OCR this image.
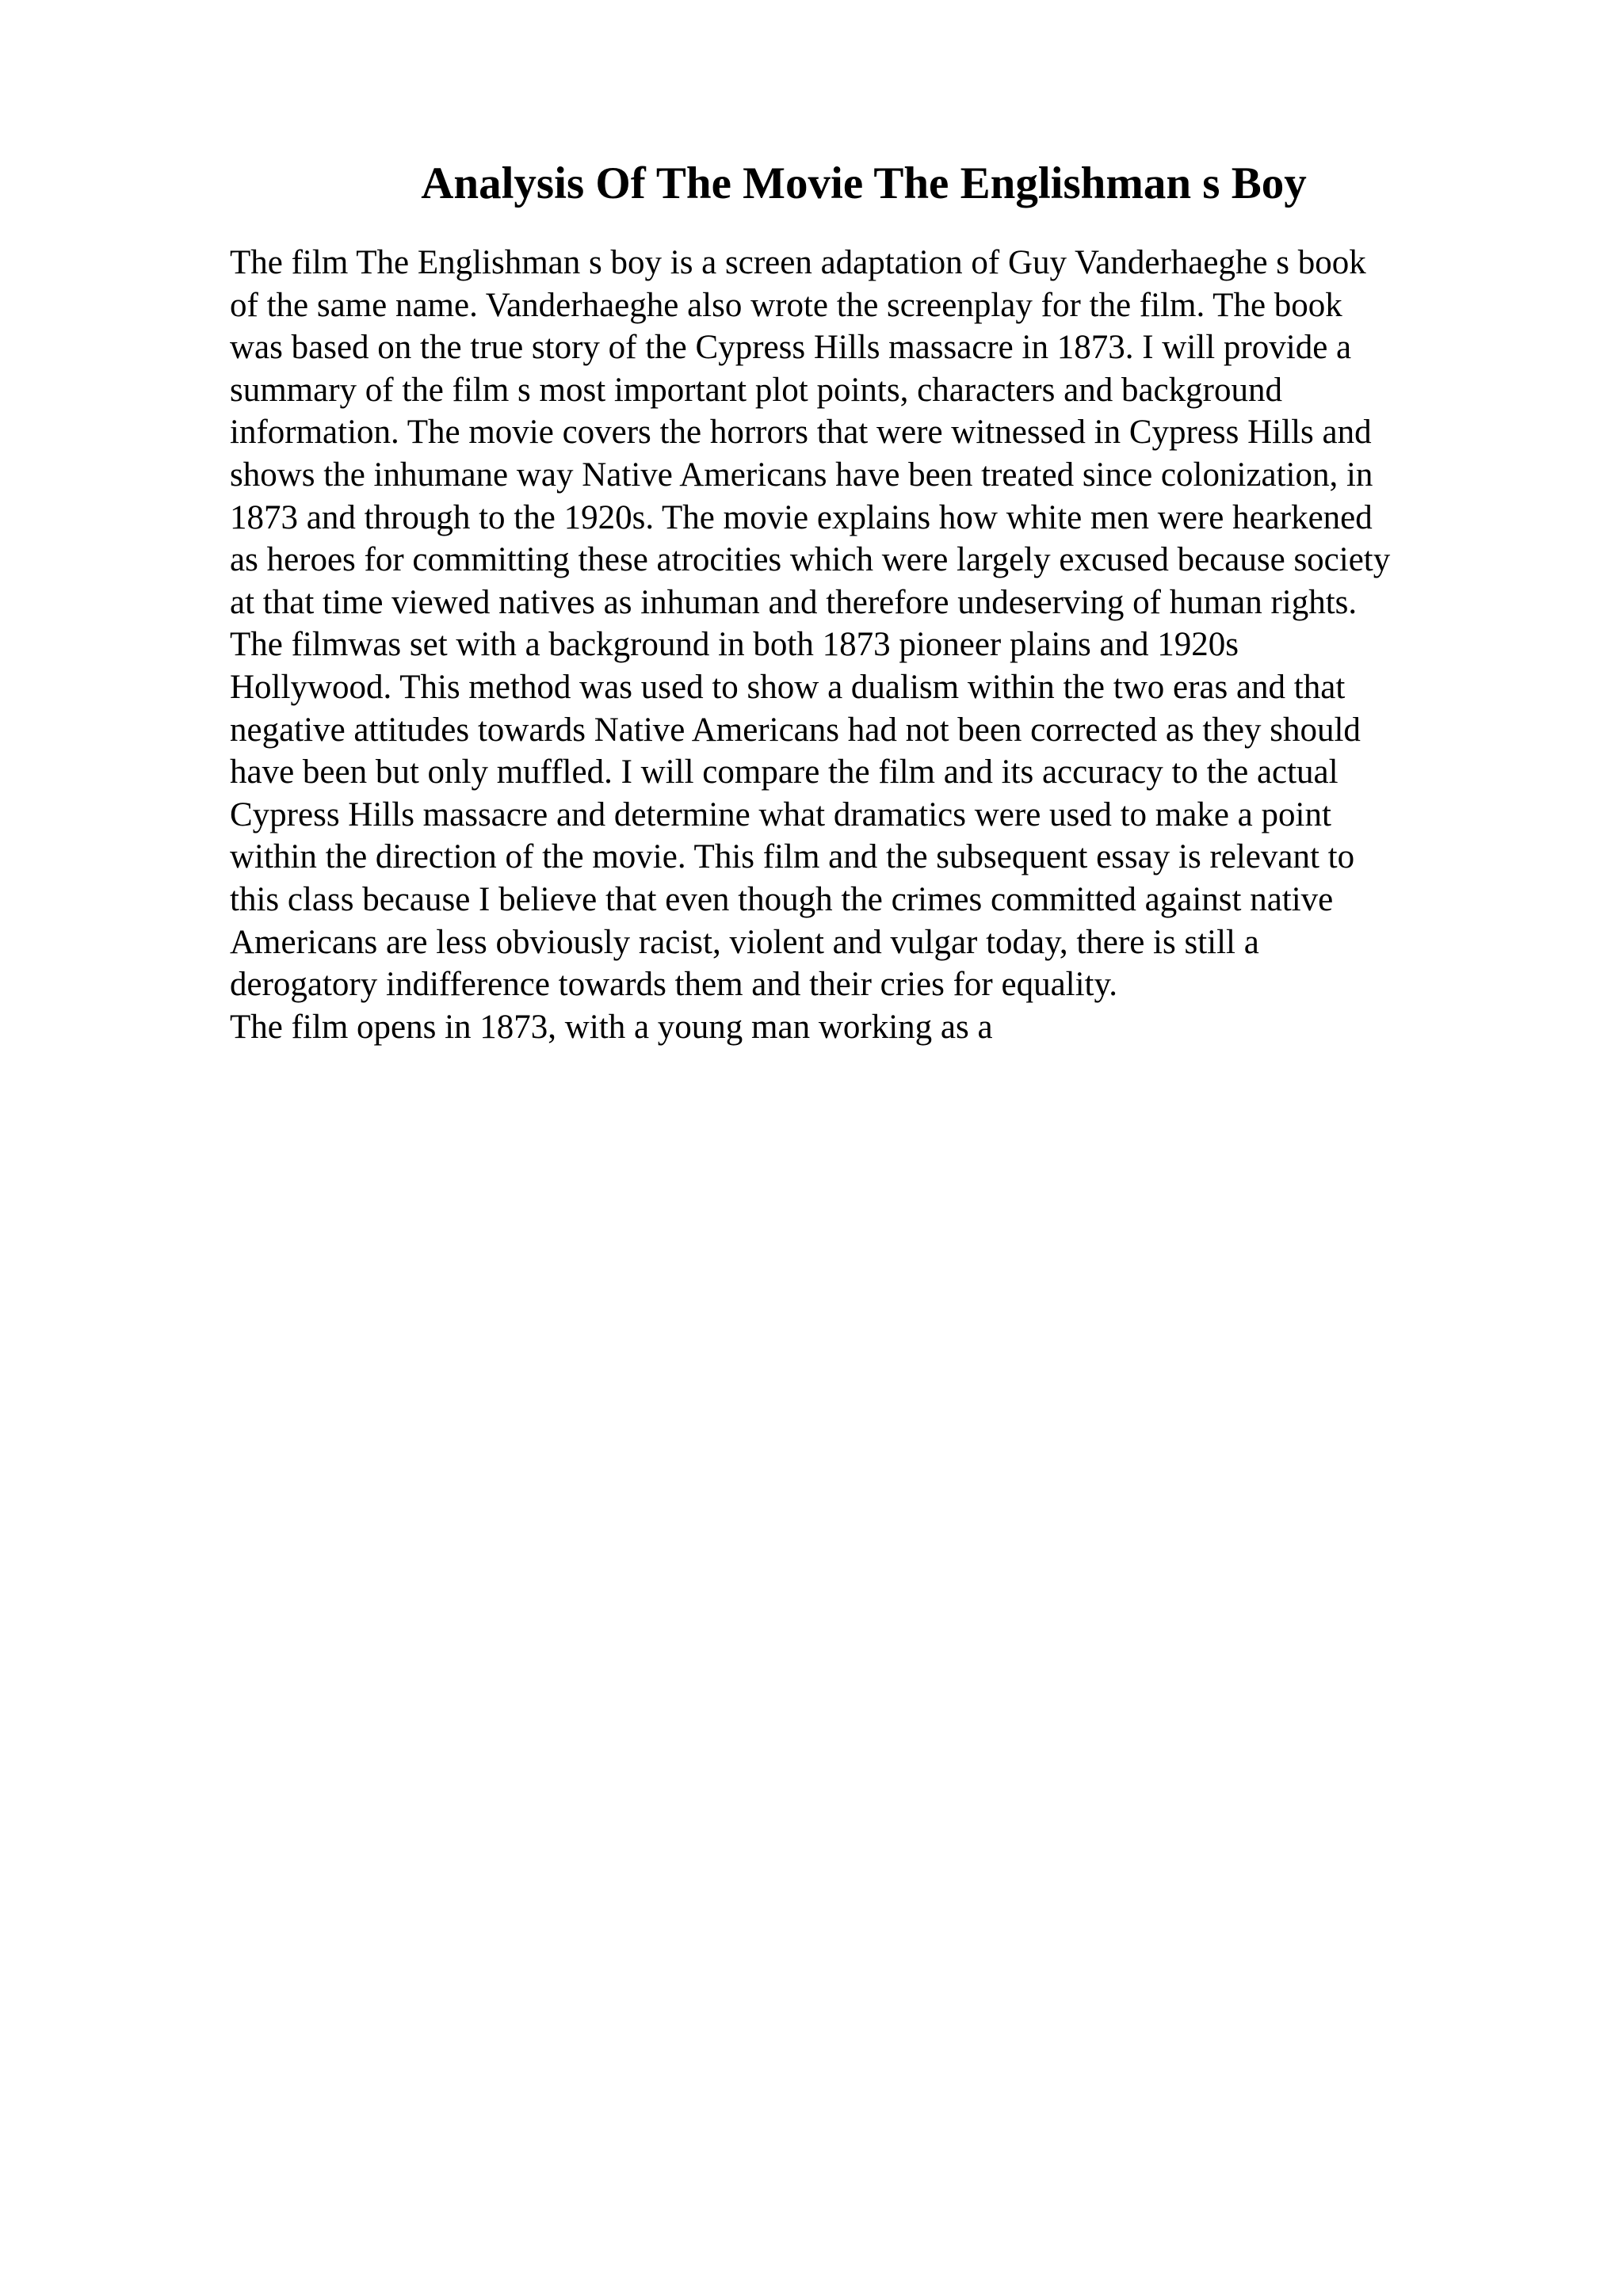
Analysis Of The Movie The Englishman s Boy
The film The Englishman s boy is a screen adaptation of Guy Vanderhaeghe s book
of the same name. Vanderhaeghe also wrote the screenplay for the film. The book
was based on the true story of the Cypress Hills massacre in 1873. I will provide a
summary of the film s most important plot points, characters and background
information. The movie covers the horrors that were witnessed in Cypress Hills and
shows the inhumane way Native Americans have been treated since colonization, in
1873 and through to the 1920s. The movie explains how white men were hearkened
as heroes for committing these atrocities which were largely excused because society
at that time viewed natives as inhuman and therefore undeserving of human rights.
The filmwas set with a background in both 1873 pioneer plains and 1920s
Hollywood. This method was used to show a dualism within the two eras and that
negative attitudes towards Native Americans had not been corrected as they should
have been but only muffled. I will compare the film and its accuracy to the actual
Cypress Hills massacre and determine what dramatics were used to make a point
within the direction of the movie. This film and the subsequent essay is relevant to
this class because I believe that even though the crimes committed against native
Americans are less obviously racist, violent and vulgar today, there is still a
derogatory indifference towards them and their cries for equality.
The film opens in 1873, with a young man working as a
